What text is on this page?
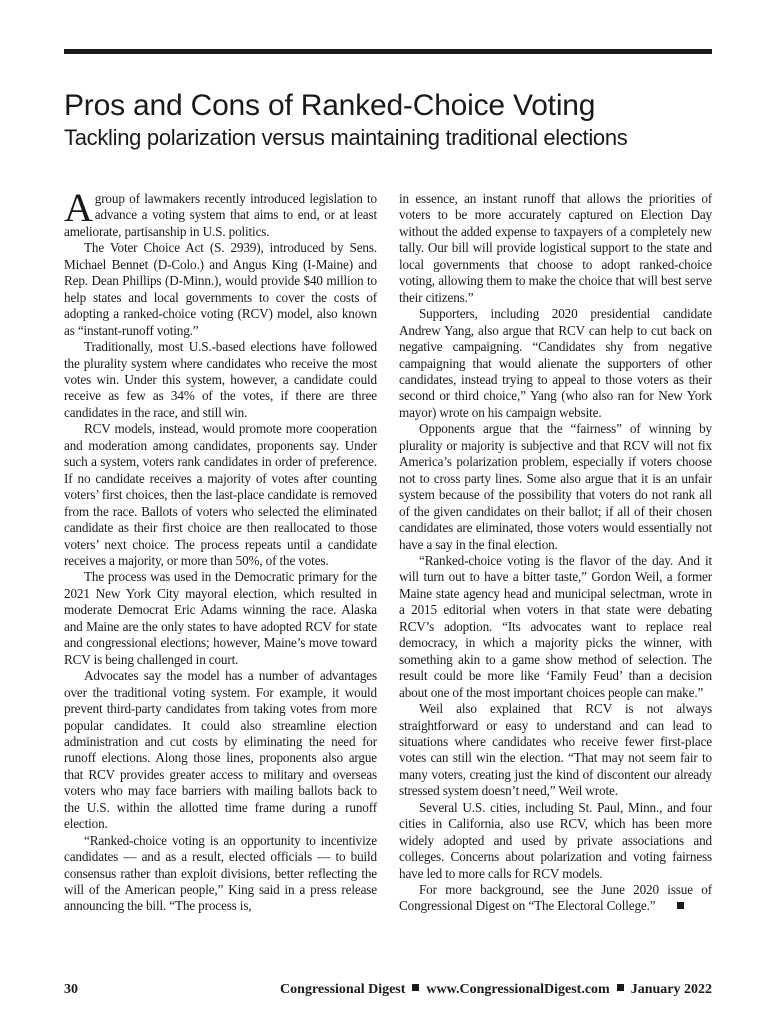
Pros and Cons of Ranked-Choice Voting
Tackling polarization versus maintaining traditional elections

Agroup of lawmakers recently introduced legislation to advance a voting system that aims to end, or at least ameliorate, partisanship in U.S. politics.

The Voter Choice Act (S. 2939), introduced by Sens. Michael Bennet (D-Colo.) and Angus King (I-Maine) and Rep. Dean Phillips (D-Minn.), would provide $40 million to help states and local governments to cover the costs of adopting a ranked-choice voting (RCV) model, also known as “instant-runoff voting.”

Traditionally, most U.S.-based elections have followed the plurality system where candidates who receive the most votes win. Under this system, however, a candidate could receive as few as 34% of the votes, if there are three candidates in the race, and still win.

RCV models, instead, would promote more cooperation and moderation among candidates, proponents say. Under such a system, voters rank candidates in order of preference. If no candidate receives a majority of votes after counting voters’ first choices, then the last-place candidate is removed from the race. Ballots of voters who selected the eliminated candidate as their first choice are then reallocated to those voters’ next choice. The process repeats until a candidate receives a majority, or more than 50%, of the votes.

The process was used in the Democratic primary for the 2021 New York City mayoral election, which resulted in moderate Democrat Eric Adams winning the race. Alaska and Maine are the only states to have adopted RCV for state and congressional elections; however, Maine’s move toward RCV is being challenged in court.

Advocates say the model has a number of advantages over the traditional voting system. For example, it would prevent third-party candidates from taking votes from more popular candidates. It could also streamline election administration and cut costs by eliminating the need for runoff elections. Along those lines, proponents also argue that RCV provides greater access to military and overseas voters who may face barriers with mailing ballots back to the U.S. within the allotted time frame during a runoff election.

“Ranked-choice voting is an opportunity to incentivize candidates — and as a result, elected officials — to build consensus rather than exploit divisions, better reflecting the will of the American people,” King said in a press release announcing the bill. “The process is,

in essence, an instant runoff that allows the priorities of voters to be more accurately captured on Election Day without the added expense to taxpayers of a completely new tally. Our bill will provide logistical support to the state and local governments that choose to adopt ranked-choice voting, allowing them to make the choice that will best serve their citizens.”

Supporters, including 2020 presidential candidate Andrew Yang, also argue that RCV can help to cut back on negative campaigning. “Candidates shy from negative campaigning that would alienate the supporters of other candidates, instead trying to appeal to those voters as their second or third choice,” Yang (who also ran for New York mayor) wrote on his campaign website.

Opponents argue that the “fairness” of winning by plurality or majority is subjective and that RCV will not fix America’s polarization problem, especially if voters choose not to cross party lines. Some also argue that it is an unfair system because of the possibility that voters do not rank all of the given candidates on their ballot; if all of their chosen candidates are eliminated, those voters would essentially not have a say in the final election.

“Ranked-choice voting is the flavor of the day. And it will turn out to have a bitter taste,” Gordon Weil, a former Maine state agency head and municipal selectman, wrote in a 2015 editorial when voters in that state were debating RCV’s adoption. “Its advocates want to replace real democracy, in which a majority picks the winner, with something akin to a game show method of selection. The result could be more like ‘Family Feud’ than a decision about one of the most important choices people can make.”

Weil also explained that RCV is not always straightforward or easy to understand and can lead to situations where candidates who receive fewer first-place votes can still win the election. “That may not seem fair to many voters, creating just the kind of discontent our already stressed system doesn’t need,” Weil wrote.

Several U.S. cities, including St. Paul, Minn., and four cities in California, also use RCV, which has been more widely adopted and used by private associations and colleges. Concerns about polarization and voting fairness have led to more calls for RCV models.

For more background, see the June 2020 issue of Congressional Digest on “The Electoral College.”

30	Congressional Digest www.CongressionalDigest.com January 2022
